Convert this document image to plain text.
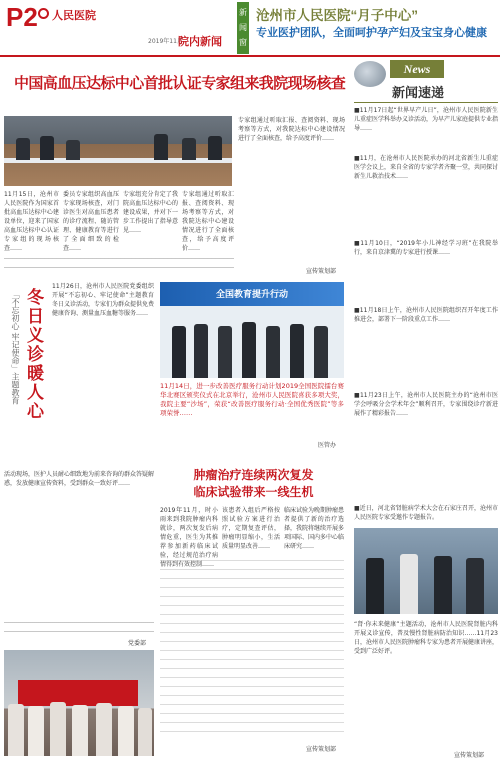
P2 人民医院
2019年11月
院内新闻
新
闻
窗
沧州市人民医院“月子中心”
专业医护团队，全面呵护孕产妇及宝宝身心健康
中国高血压达标中心首批认证专家组来我院现场核查
11月15日，沧州市人民医院作为国家首批高血压达标中心建设单位，迎来了国家高血压达标中心认证专家组的现场核查……
委员专家组织高血压专家现场核查，对门诊医生对高血压患者的诊疗流程、随访管理、健康教育等进行了全面细致的检查……
专家组充分肯定了我院高血压达标中心的建设成果，并对下一步工作提出了指导意见……
专家组通过听取汇报、查阅资料、现场考察等方式，对我院达标中心建设情况进行了全面核查，给予高度评价……
专家组通过听取汇报、查阅资料、现场考察等方式，对我院达标中心建设情况进行了全面核查，给予高度评价……
宣传策划部
「不忘初心 牢记使命」主题教育 冬日义诊暖人心
11月26日，沧州市人民医院党委组织开展“不忘初心、牢记使命”主题教育冬日义诊活动，专家们为群众提供免费健康咨询、测量血压血糖等服务……
活动现场，医护人员耐心细致地为前来咨询的群众答疑解惑，发放健康宣传资料，受到群众一致好评……
党委部
全国教育提升行动
11月14日，进一步改善医疗服务行动计划2019全国医院擂台赛华北赛区颁奖仪式在北京举行，沧州市人民医院喜获多项大奖，我院主要“沙场”，荣获“改善医疗服务行动·全国优秀医院”等多项荣誉……
医管办
肿瘤治疗连续两次复发
临床试验带来一线生机
2019年11月，时小雨来到我院肿瘤内科就诊，两次复发后病情危重，医生为其推荐参加新药临床试验，经过规范治疗病情得到有效控制……
该患者入组后严格按照试验方案进行治疗，定期复查评估，肿瘤明显缩小，生活质量明显改善……
临床试验为晚期肿瘤患者提供了新的治疗选择，我院将继续开展多项国际、国内多中心临床研究……
宣传策划部
News
新闻速递
■11月17日起“世界早产儿日”，沧州市人民医院新生儿重症医学科举办义诊活动，为早产儿家庭提供专业指导……
■11月，在沧州市人民医院承办的河北省新生儿重症医学会议上，来自全省的专家学者齐聚一堂，共同探讨新生儿救治技术……
■11月10日，“2019年小儿神经学习班”在我院举行，来自京津冀的专家进行授课……
■11月18日上午，沧州市人民医院组织召开年度工作推进会，部署下一阶段重点工作……
■11月23日上午，沧州市人民医院主办的“沧州市医学会呼吸分会学术年会”顺利召开，专家围绕诊疗新进展作了精彩报告……
■近日，河北省肾脏病学术大会在石家庄召开，沧州市人民医院专家受邀作专题报告。
“肾·你未来健康”主题活动，沧州市人民医院肾脏内科开展义诊宣传，普及慢性肾脏病防治知识……11月23日，沧州市人民医院肿瘤科专家为患者开展健康讲座，受到广泛好评。
宣传策划部
